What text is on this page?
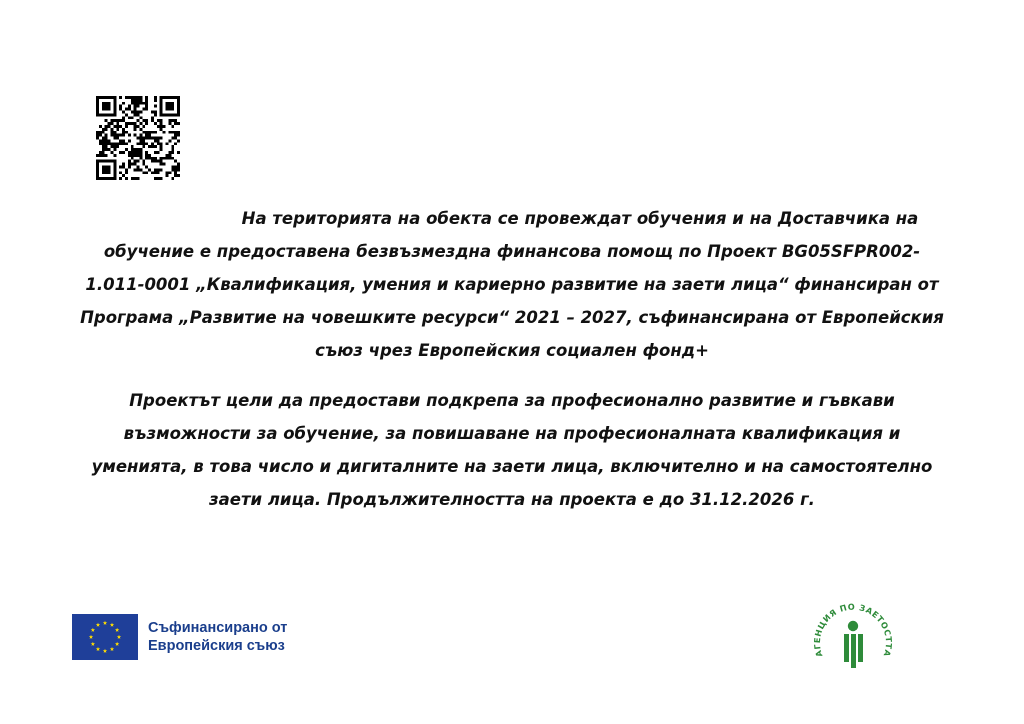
На територията на обекта се провеждат обучения и на Доставчика на обучение е предоставена безвъзмездна финансова помощ по Проект BG05SFPR002-1.011-0001 „Квалификация, умения и кариерно развитие на заети лица“ финансиран от Програма „Развитие на човешките ресурси“ 2021 – 2027, съфинансирана от Европейския съюз чрез Европейския социален фонд+
Проектът цели да предостави подкрепа за професионално развитие и гъвкави възможности за обучение, за повишаване на професионалната квалификация и уменията, в това число и дигиталните на заети лица, включително и на самостоятелно заети лица. Продължителността на проекта е до 31.12.2026 г.
Съфинансирано от
Европейския съюз	АГЕНЦИЯ ПО ЗАЕТОСТТА
